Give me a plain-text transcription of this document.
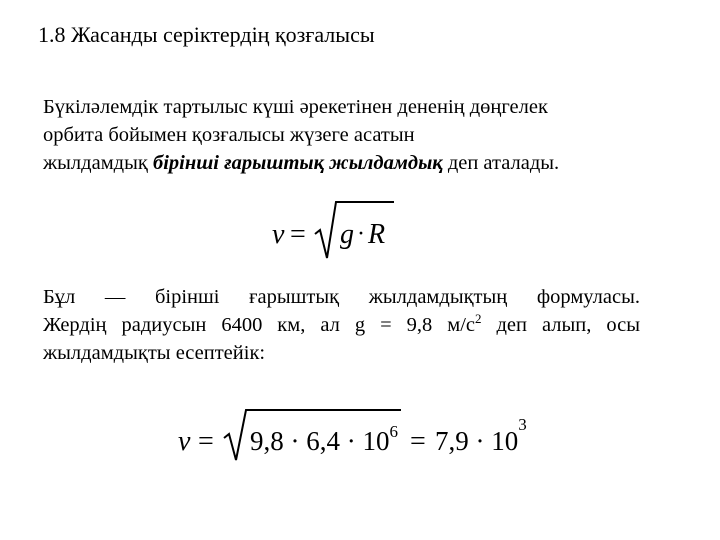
1.8 Жасанды серіктердің қозғалысы
Бүкіләлемдік тартылыс күші әрекетінен дененің дөңгелек
орбита бойымен қозғалысы жүзеге асатын
жылдамдық бірінші ғарыштық жылдамдық деп аталады.
v = g · R
Бұл — бірінші ғарыштық жылдамдықтың формуласы.
Жердің радиусын 6400 км, ал g = 9,8 $м/с^2$ деп алып, осы
жылдамдықты есептейік:
$v = 9,8 \cdot 6,4 \cdot 10^6 = 7,9 \cdot 10^3$
